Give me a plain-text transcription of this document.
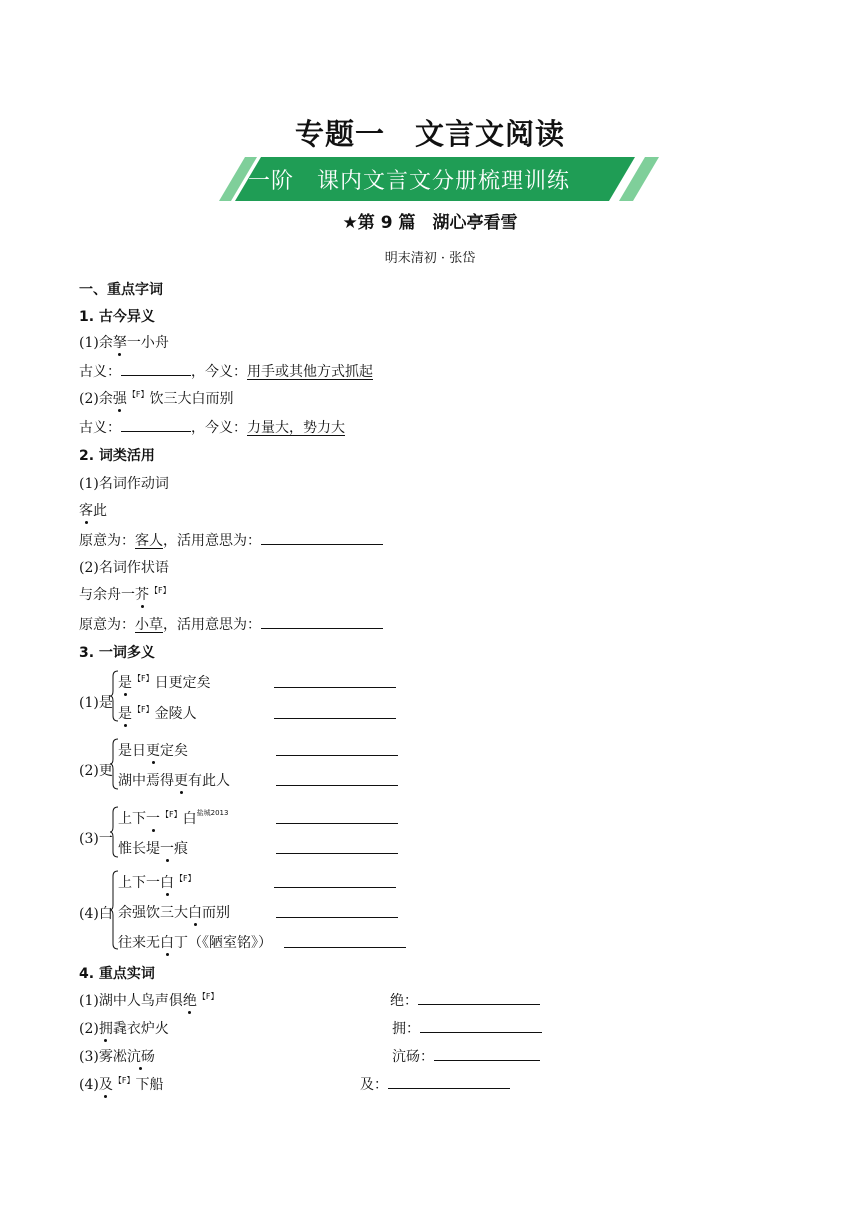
专题一　文言文阅读
一阶　课内文言文分册梳理训练
★第 9 篇　湖心亭看雪
明末清初 · 张岱
一、重点字词
1. 古今异义
(1)余拏一小舟
古义：	，今义：用手或其他方式抓起
(2)余强$^{【F】}$饮三大白而别
古义：	，今义：力量大，势力大
2. 词类活用
(1)名词作动词
客此
原意为：客人，活用意思为：
(2)名词作状语
与余舟一芥$^{【F】}$
原意为：小草，活用意思为：
3. 一词多义
(1)是
是$^{【F】}$日更定矣
是$^{【F】}$金陵人
(2)更
是日更定矣
湖中焉得更有此人
(3)一
上下一$^{【F】}$白$^{盐城2013}$
惟长堤一痕
(4)白
上下一白$^{【F】}$
余强饮三大白而别
往来无白丁（《陋室铭》）
4. 重点实词
(1)湖中人鸟声俱绝$^{【F】}$	绝：
(2)拥毳衣炉火	拥：
(3)雾凇沆砀	沆砀：
(4)及$^{【F】}$下船	及：
